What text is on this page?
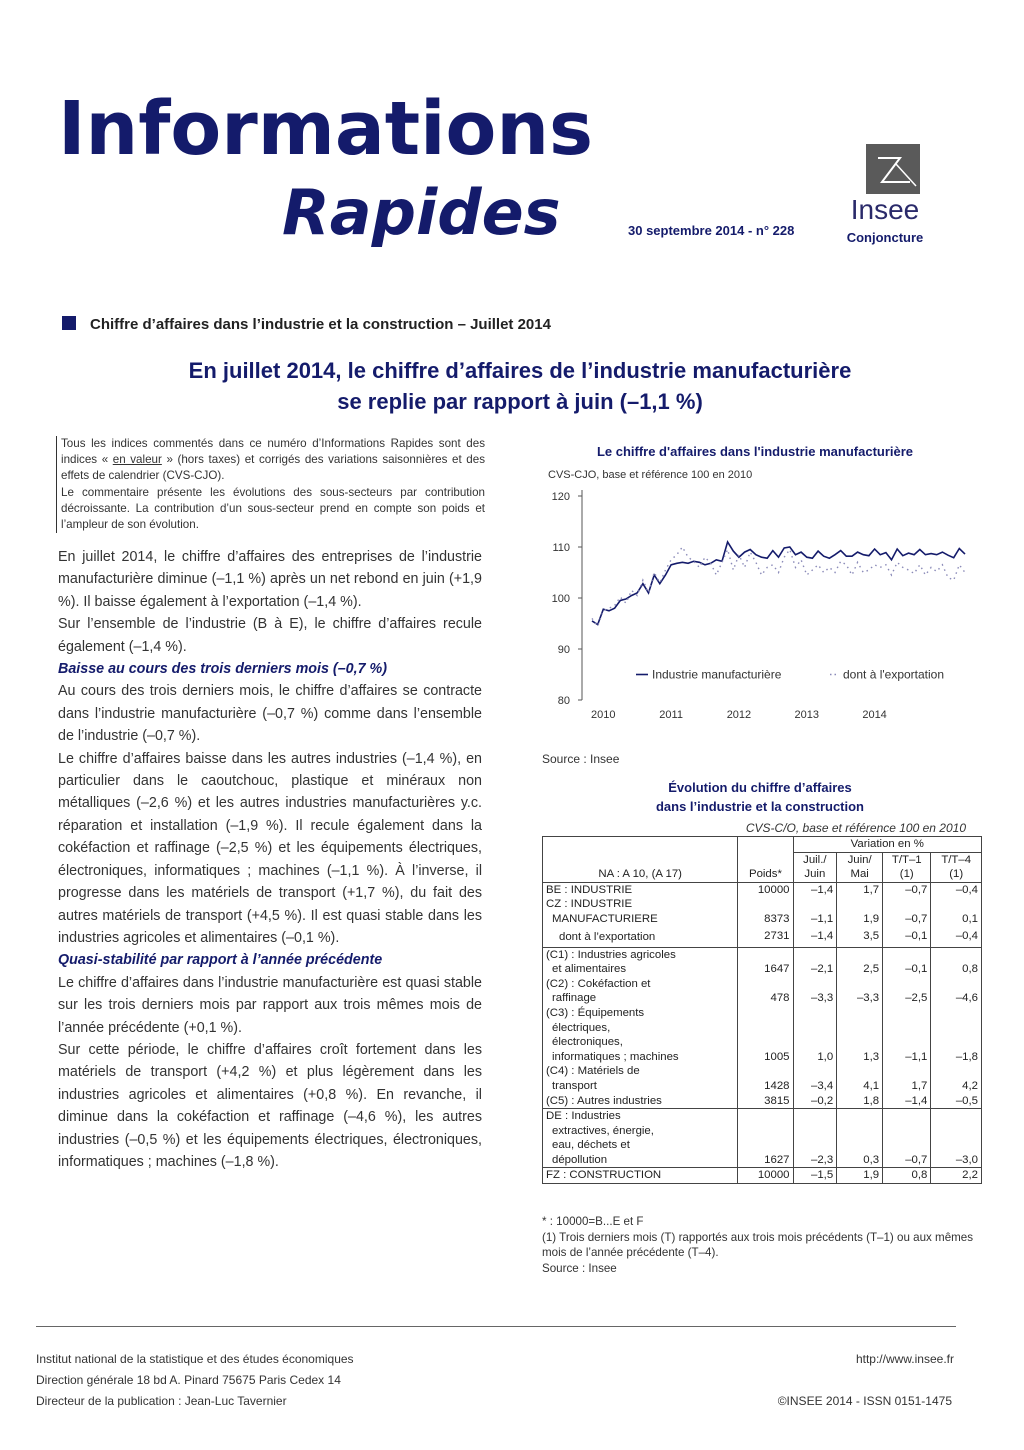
Informations
Rapides	30 septembre 2014 - n° 228
Insee
Conjoncture
Chiffre d’affaires dans l’industrie et la construction – Juillet 2014
En juillet 2014, le chiffre d’affaires de l’industrie manufacturière
se replie par rapport à juin (–1,1 %)
Tous les indices commentés dans ce numéro d’Informations Rapides sont des indices « en valeur » (hors taxes) et corrigés des variations saisonnières et des effets de calendrier (CVS-CJO).
Le commentaire présente les évolutions des sous-secteurs par contribution décroissante. La contribution d’un sous-secteur prend en compte son poids et l’ampleur de son évolution.

En juillet 2014, le chiffre d’affaires des entreprises de l’industrie manufacturière diminue (–1,1 %) après un net rebond en juin (+1,9 %). Il baisse également à l’exportation (–1,4 %).

Sur l’ensemble de l’industrie (B à E), le chiffre d’affaires recule également (–1,4 %).

Baisse au cours des trois derniers mois (–0,7 %)

Au cours des trois derniers mois, le chiffre d’affaires se contracte dans l’industrie manufacturière (–0,7 %) comme dans l’ensemble de l’industrie (–0,7 %).

Le chiffre d’affaires baisse dans les autres industries (–1,4 %), en particulier dans le caoutchouc, plastique et minéraux non métalliques (–2,6 %) et les autres industries manufacturières y.c. réparation et installation (–1,9 %). Il recule également dans la cokéfaction et raffinage (–2,5 %) et les équipements électriques, électroniques, informatiques ; machines (–1,1 %). À l’inverse, il progresse dans les matériels de transport (+1,7 %), du fait des autres matériels de transport (+4,5 %). Il est quasi stable dans les industries agricoles et alimentaires (–0,1 %).

Quasi-stabilité par rapport à l’année précédente

Le chiffre d’affaires dans l’industrie manufacturière est quasi stable sur les trois derniers mois par rapport aux trois mêmes mois de l’année précédente (+0,1 %).

Sur cette période, le chiffre d’affaires croît fortement dans les matériels de transport (+4,2 %) et plus légèrement dans les industries agricoles et alimentaires (+0,8 %). En revanche, il diminue dans la cokéfaction et raffinage (–4,6 %), les autres industries (–0,5 %) et les équipements électriques, électroniques, informatiques ; machines (–1,8 %).

Le chiffre d'affaires dans l'industrie manufacturière
CVS-CJO, base et référence 100 en 2010
80
90
100
110
120
2010	2011	2012	2013	2014
Industrie manufacturière	dont à l'exportation
Source : Insee
Évolution du chiffre d’affaires
dans l’industrie et la construction
CVS-C/O, base et référence 100 en 2010
		Variation en %			
		Juil./	Juin/	T/T–1	T/T–4
NA : A 10, (A 17)	Poids*	Juin	Mai	(1)	(1)
BE : INDUSTRIE	10000	–1,4	1,7	–0,7	–0,4

CZ : INDUSTRIE
MANUFACTURIERE	8373	–1,1	1,9	–0,7	0,1
dont à l’exportation	2731	–1,4	3,5	–0,1	–0,4

(C1) : Industries agricoles
et alimentaires	1647	–2,1	2,5	–0,1	0,8

(C2) : Cokéfaction et
raffinage	478	–3,3	–3,3	–2,5	–4,6

(C3) : Équipements
électriques,
électroniques,
informatiques ; machines	1005	1,0	1,3	–1,1	–1,8

(C4) : Matériels de
transport	1428	–3,4	4,1	1,7	4,2
(C5) : Autres industries	3815	–0,2	1,8	–1,4	–0,5

DE : Industries
extractives, énergie,
eau, déchets et
dépollution	1627	–2,3	0,3	–0,7	–3,0
FZ : CONSTRUCTION	10000	–1,5	1,9	0,8	2,2
* : 10000=B...E et F
(1) Trois derniers mois (T) rapportés aux trois mois précédents (T–1) ou aux mêmes mois de l’année précédente (T–4).
Source : Insee
Institut national de la statistique et des études économiques
Direction générale 18 bd A. Pinard 75675 Paris Cedex 14
Directeur de la publication : Jean-Luc Tavernier
http://www.insee.fr
©INSEE 2014 - ISSN 0151-1475
